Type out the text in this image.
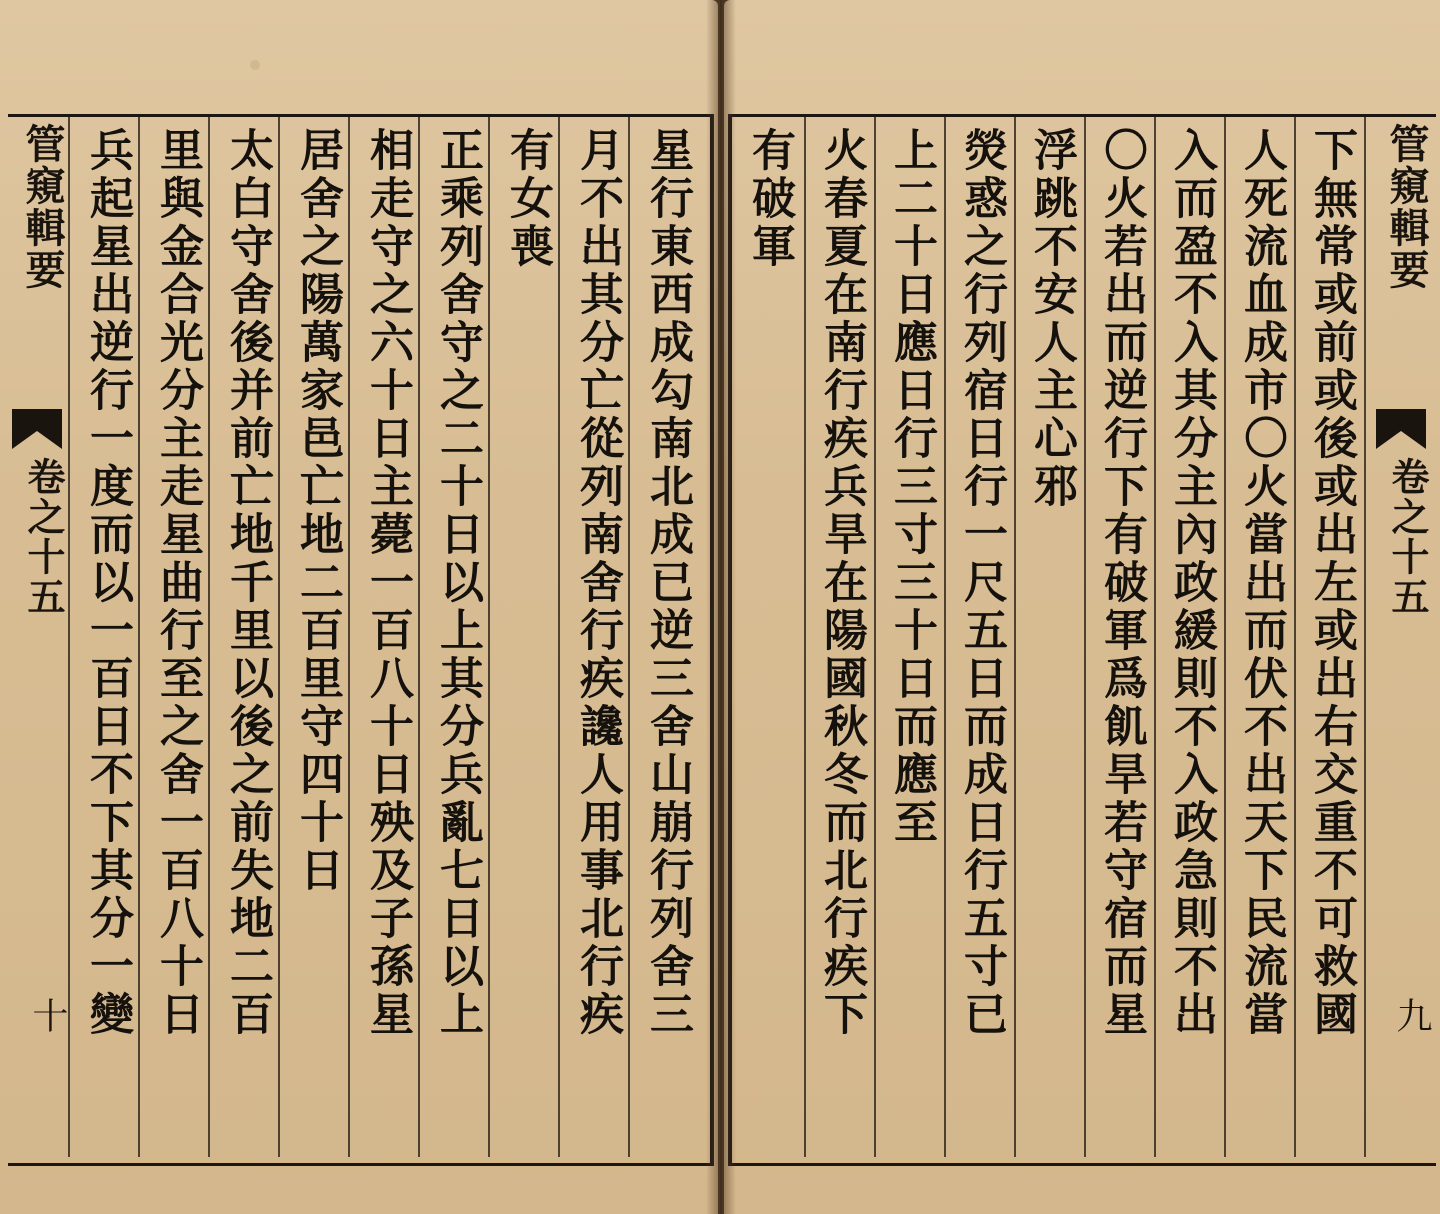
管窺輯要
卷之十五
十 兵起星出逆行一度而以一百日不下其分一變 里與金合光分主走星曲行至之舍一百八十日 太白守舍後并前亡地千里以後之前失地二百 居舍之陽萬家邑亡地二百里守四十日 相走守之六十日主薨一百八十日殃及子孫星 正乘列舍守之二十日以上其分兵亂七日以上 有女喪 月不出其分亡從列南舍行疾讒人用事北行疾 星行東西成勾南北成已逆三舍山崩行列舍三 有破軍 火春夏在南行疾兵旱在陽國秋冬而北行疾下 上二十日應日行三寸三十日而應至 熒惑之行列宿日行一尺五日而成日行五寸已 浮跳不安人主心邪 〇火若出而逆行下有破軍爲飢旱若守宿而星 入而盈不入其分主內政緩則不入政急則不出 人死流血成市〇火當出而伏不出天下民流當 下無常或前或後或出左或出右交重不可救國 管窺輯要
卷之十五
九
